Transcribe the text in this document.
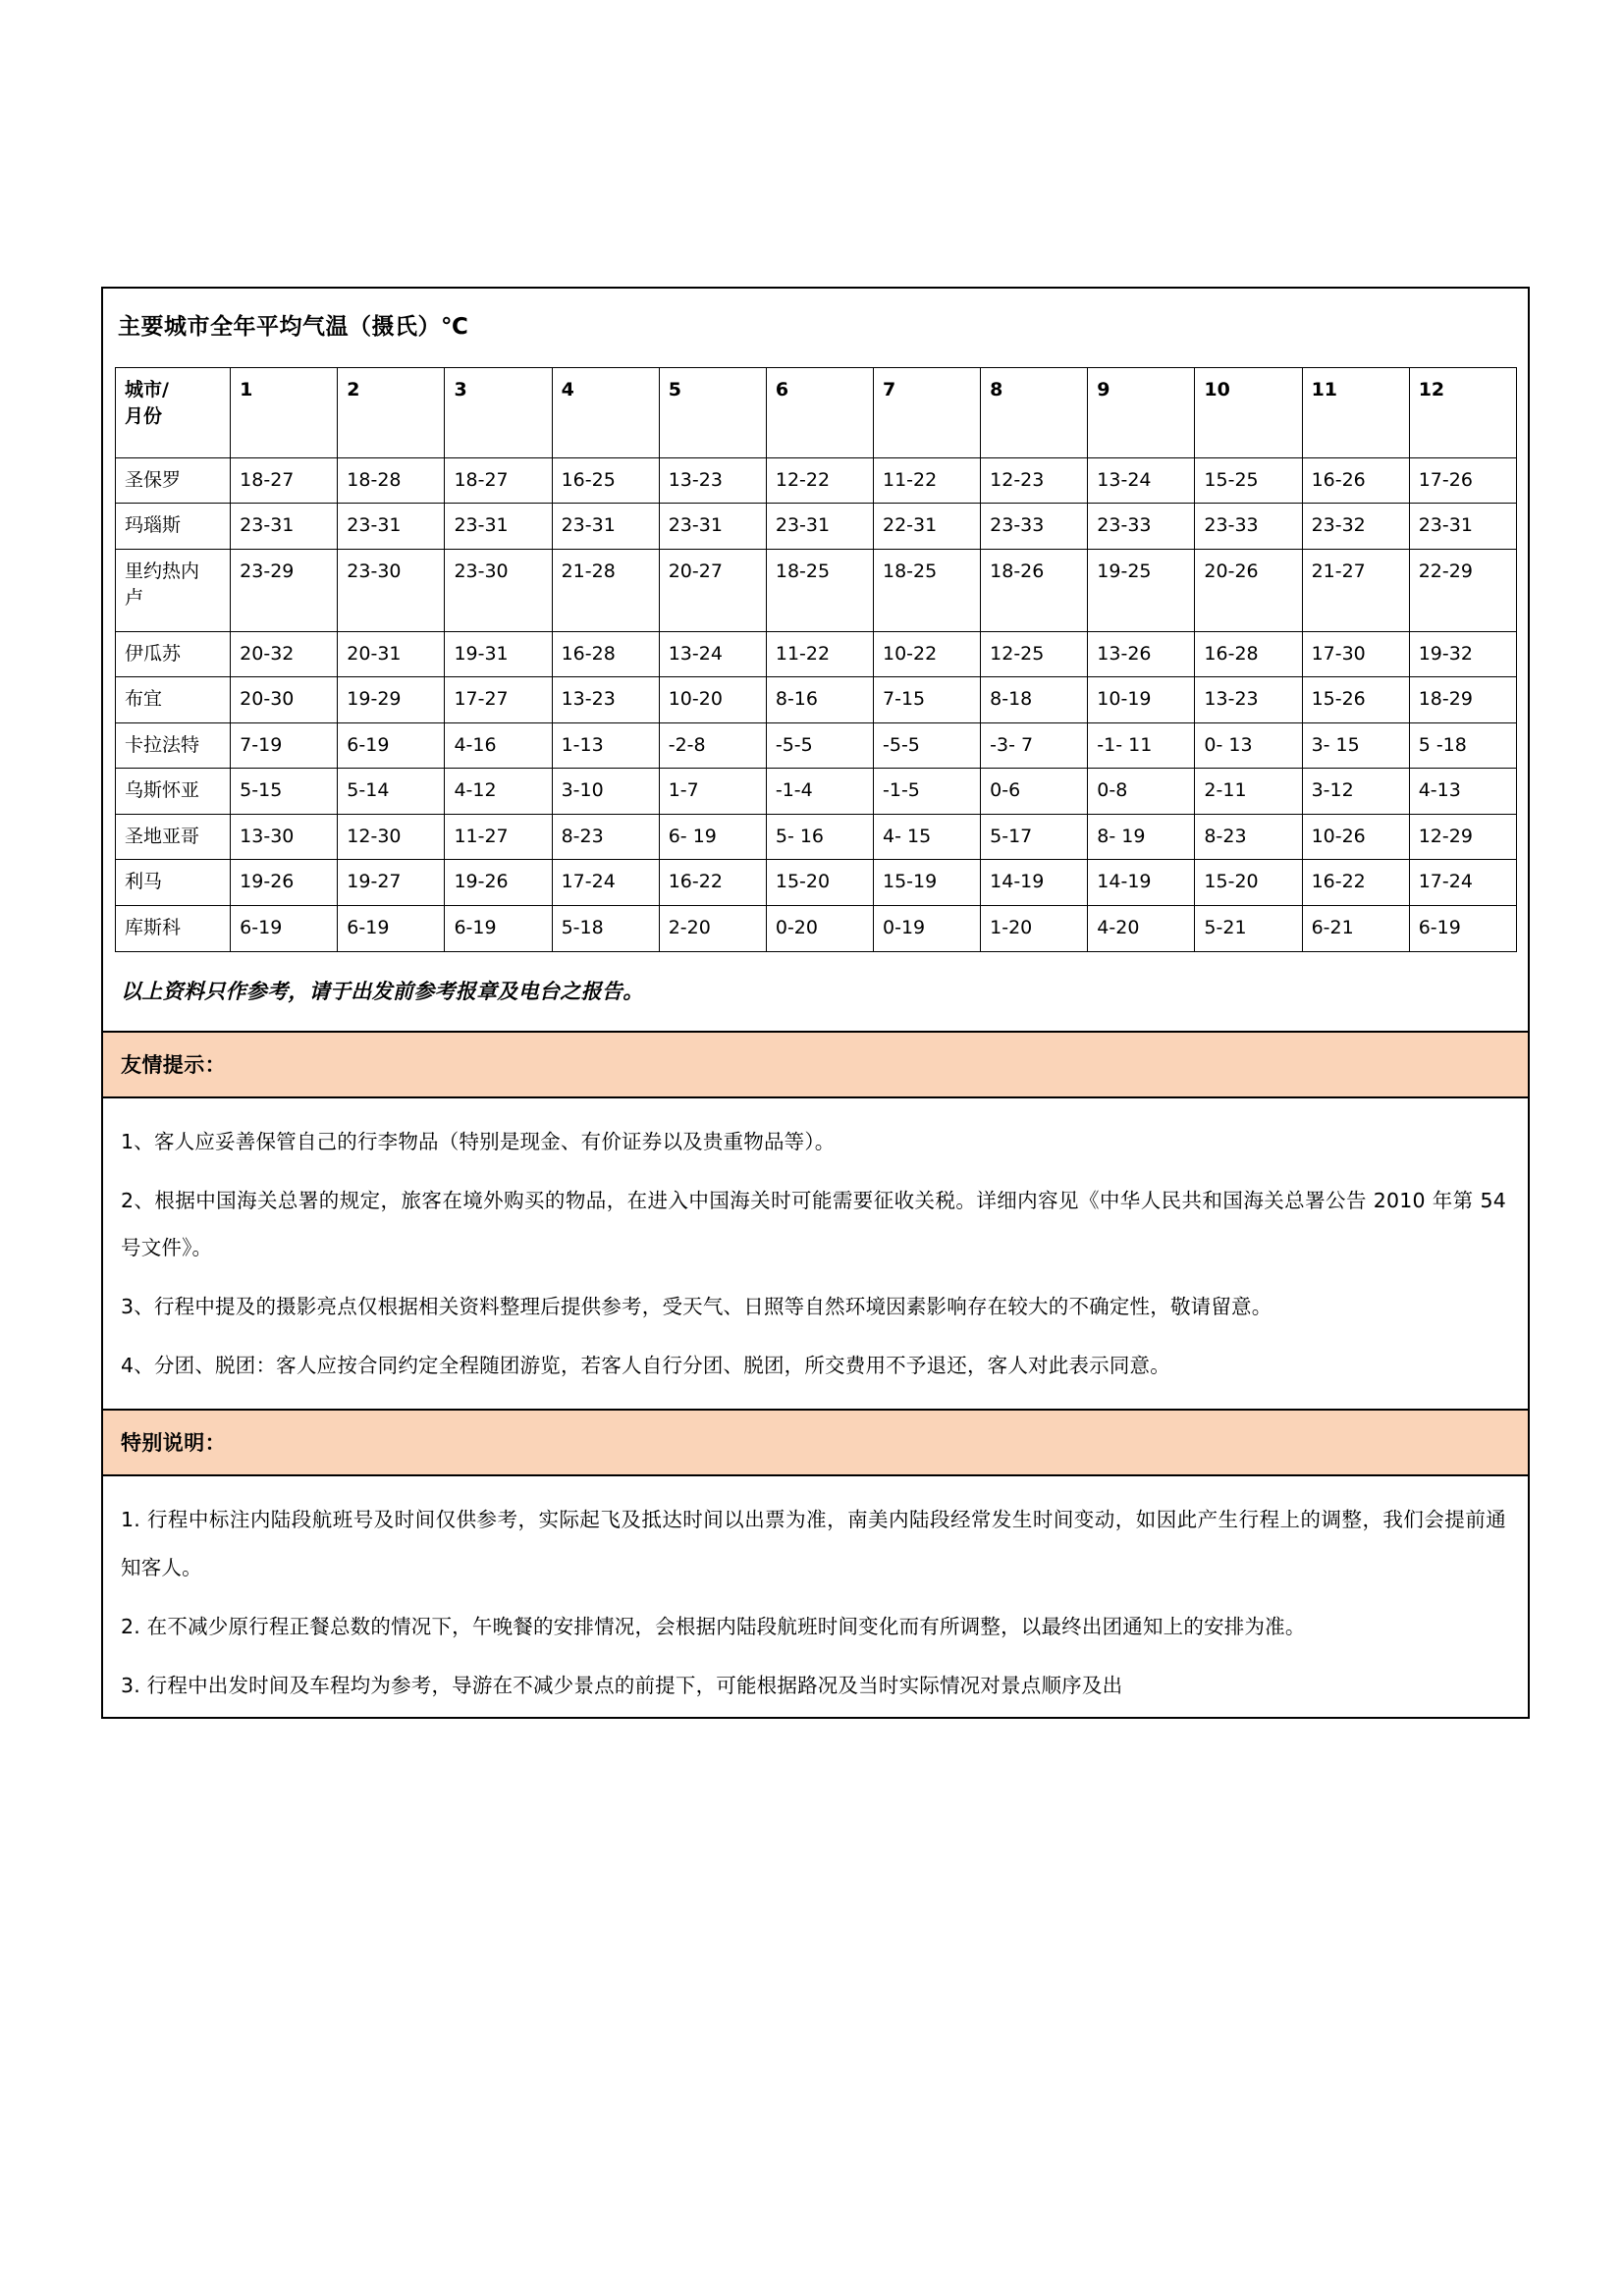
主要城市全年平均气温（摄氏）℃
城市/
月份	1	2	3	4	5	6	7	8	9	10	11	12

圣保罗	18-27	18-28	18-27	16-25	13-23	12-22	11-22	12-23	13-24	15-25	16-26	17-26

玛瑙斯	23-31	23-31	23-31	23-31	23-31	23-31	22-31	23-33	23-33	23-33	23-32	23-31

里约热内
卢	23-29	23-30	23-30	21-28	20-27	18-25	18-25	18-26	19-25	20-26	21-27	22-29

伊瓜苏	20-32	20-31	19-31	16-28	13-24	11-22	10-22	12-25	13-26	16-28	17-30	19-32

布宜	20-30	19-29	17-27	13-23	10-20	8-16	7-15	8-18	10-19	13-23	15-26	18-29

卡拉法特	7-19	6-19	4-16	1-13	-2-8	-5-5	-5-5	-3- 7	-1- 11	0- 13	3- 15	5 -18

乌斯怀亚	5-15	5-14	4-12	3-10	1-7	-1-4	-1-5	0-6	0-8	2-11	3-12	4-13

圣地亚哥	13-30	12-30	11-27	8-23	6- 19	5- 16	4- 15	5-17	8- 19	8-23	10-26	12-29

利马	19-26	19-27	19-26	17-24	16-22	15-20	15-19	14-19	14-19	15-20	16-22	17-24

库斯科	6-19	6-19	6-19	5-18	2-20	0-20	0-19	1-20	4-20	5-21	6-21	6-19
以上资料只作参考，请于出发前参考报章及电台之报告。
友情提示：

1、客人应妥善保管自己的行李物品（特别是现金、有价证券以及贵重物品等）。

2、根据中国海关总署的规定，旅客在境外购买的物品，在进入中国海关时可能需要征收关税。详细内容见《中华人民共和国海关总署公告 2010 年第 54 号文件》。

3、行程中提及的摄影亮点仅根据相关资料整理后提供参考，受天气、日照等自然环境因素影响存在较大的不确定性，敬请留意。

4、分团、脱团：客人应按合同约定全程随团游览，若客人自行分团、脱团，所交费用不予退还，客人对此表示同意。

特别说明：

1. 行程中标注内陆段航班号及时间仅供参考，实际起飞及抵达时间以出票为准，南美内陆段经常发生时间变动，如因此产生行程上的调整，我们会提前通知客人。

2. 在不减少原行程正餐总数的情况下，午晚餐的安排情况，会根据内陆段航班时间变化而有所调整，以最终出团通知上的安排为准。

3. 行程中出发时间及车程均为参考，导游在不减少景点的前提下，可能根据路况及当时实际情况对景点顺序及出
